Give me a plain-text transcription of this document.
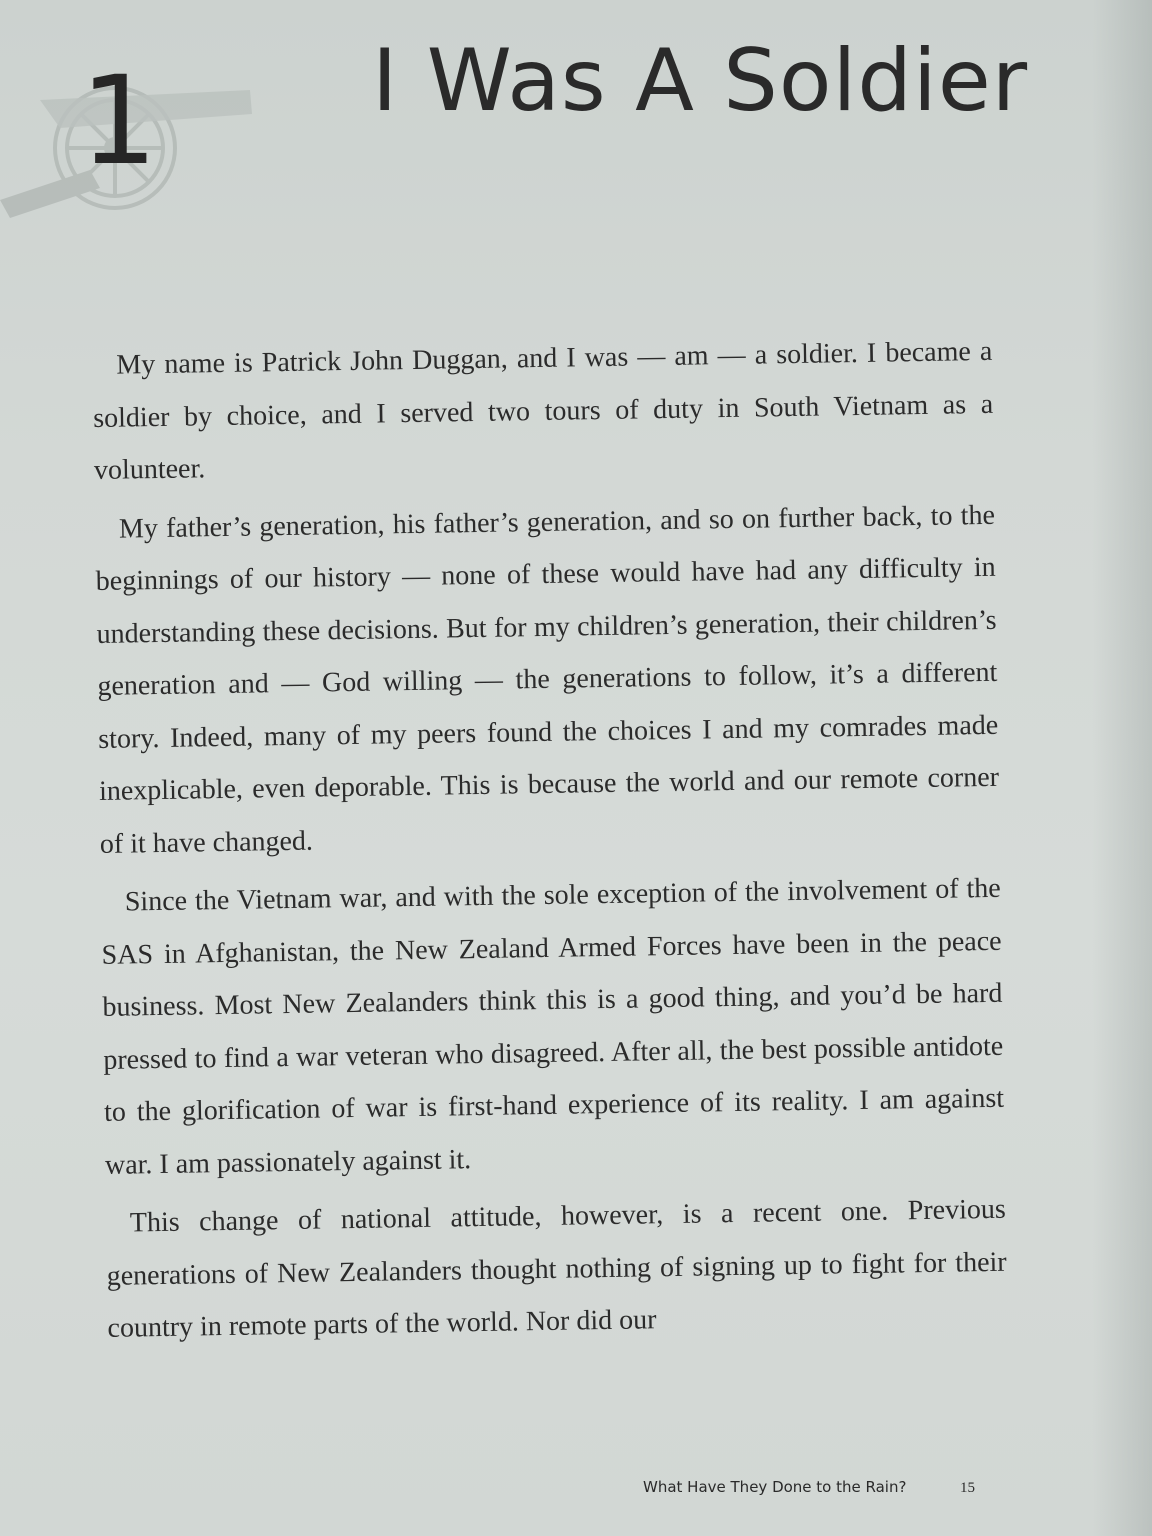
1 I Was A Soldier

My name is Patrick John Duggan, and I was — am — a soldier. I became a soldier by choice, and I served two tours of duty in South Vietnam as a volunteer.

My father’s generation, his father’s generation, and so on further back, to the beginnings of our history — none of these would have had any difficulty in understanding these decisions. But for my children’s generation, their children’s generation and — God willing — the generations to follow, it’s a different story. Indeed, many of my peers found the choices I and my comrades made inexplicable, even deporable. This is because the world and our remote corner of it have changed.

Since the Vietnam war, and with the sole exception of the involvement of the SAS in Afghanistan, the New Zealand Armed Forces have been in the peace business. Most New Zealanders think this is a good thing, and you’d be hard pressed to find a war veteran who disagreed. After all, the best possible antidote to the glorification of war is first-hand experience of its reality. I am against war. I am passionately against it.

This change of national attitude, however, is a recent one. Previous generations of New Zealanders thought nothing of signing up to fight for their country in remote parts of the world. Nor did our

What Have They Done to the Rain?	15
